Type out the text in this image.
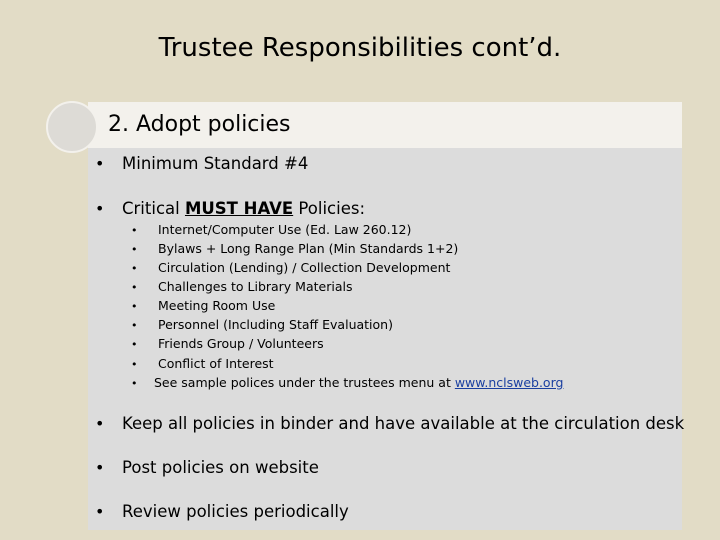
Trustee Responsibilities cont’d.
2. Adopt policies
•	Minimum Standard #4
•	Critical MUST HAVE Policies:
•	Internet/Computer Use (Ed. Law 260.12)
•	Bylaws + Long Range Plan (Min Standards 1+2)
•	Circulation (Lending) / Collection Development
•	Challenges to Library Materials
•	Meeting Room Use
•	Personnel (Including Staff Evaluation)
•	Friends Group / Volunteers
•	Conflict of Interest
•	See sample polices under the trustees menu at www.nclsweb.org
•	Keep all policies in binder and have available at the circulation desk
•	Post policies on website
•	Review policies periodically
